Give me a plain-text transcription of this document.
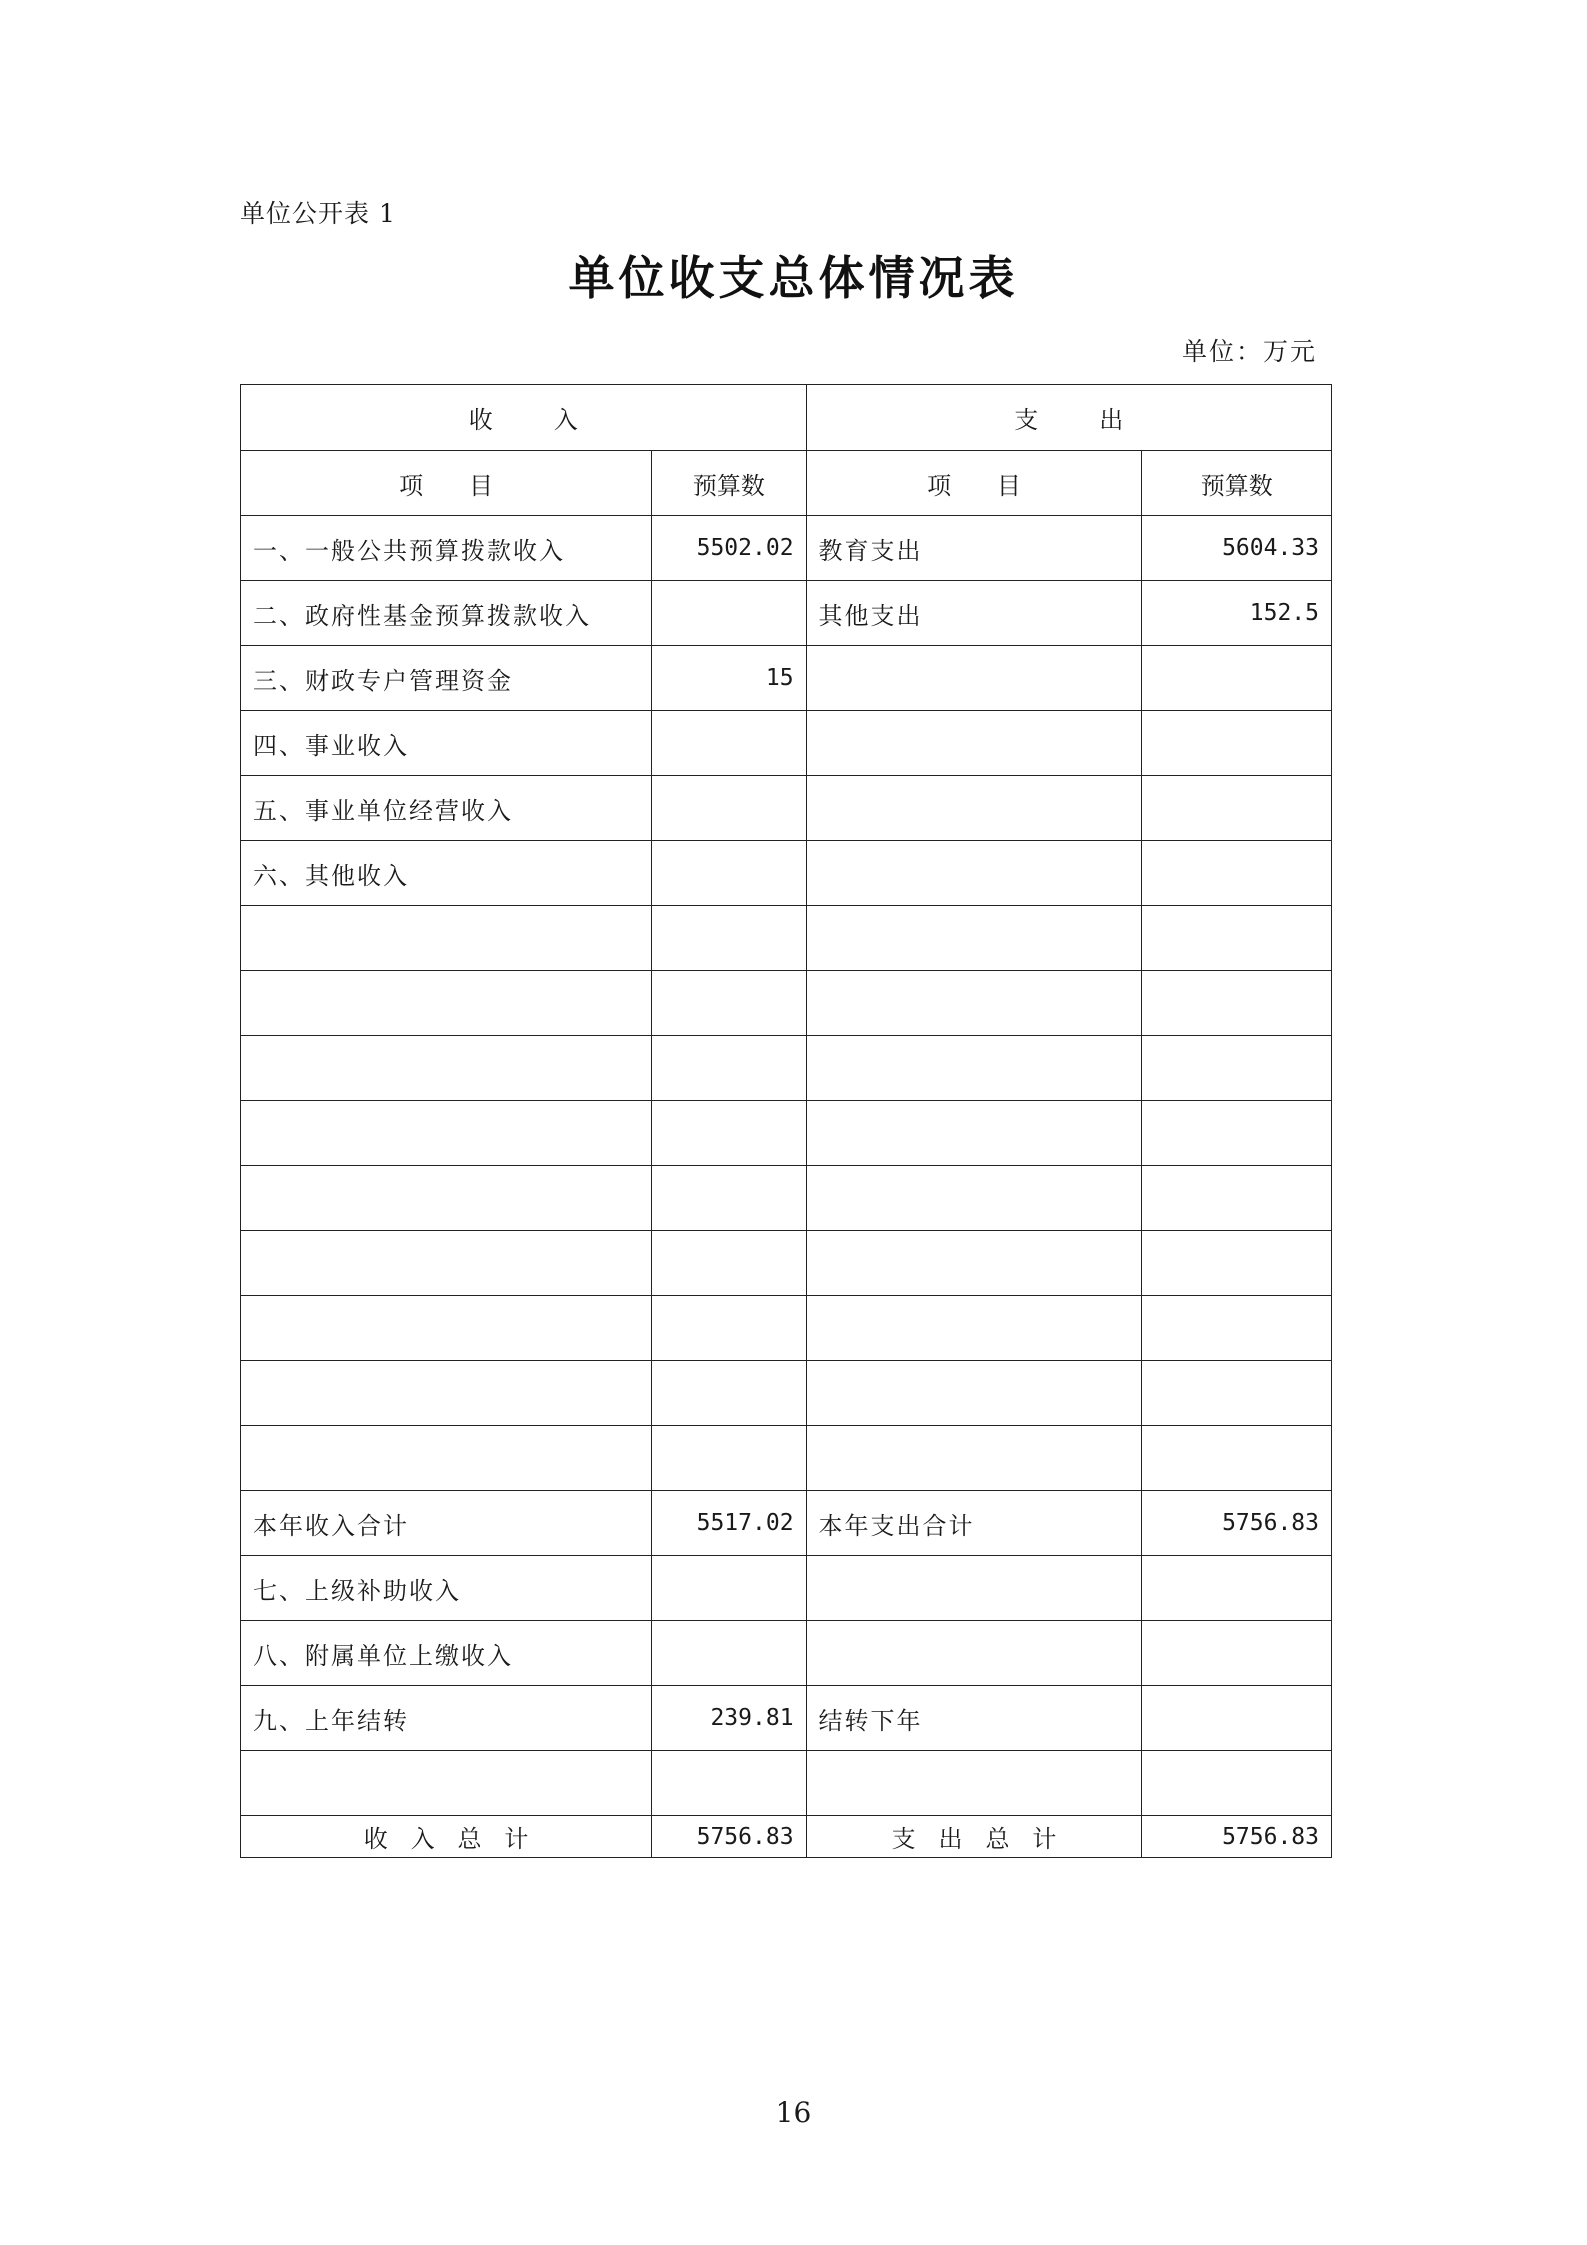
单位公开表 1
单位收支总体情况表
单位：万元
收        入		支        出	
项      目	预算数	项      目	预算数
一、一般公共预算拨款收入	5502.02	教育支出	5604.33
二、政府性基金预算拨款收入		其他支出	152.5
三、财政专户管理资金	15		
四、事业收入			
五、事业单位经营收入			
六、其他收入			

本年收入合计	5517.02	本年支出合计	5756.83
七、上级补助收入			
八、附属单位上缴收入			
九、上年结转	239.81	结转下年	

收   入   总   计	5756.83	支   出   总   计	5756.83
16
